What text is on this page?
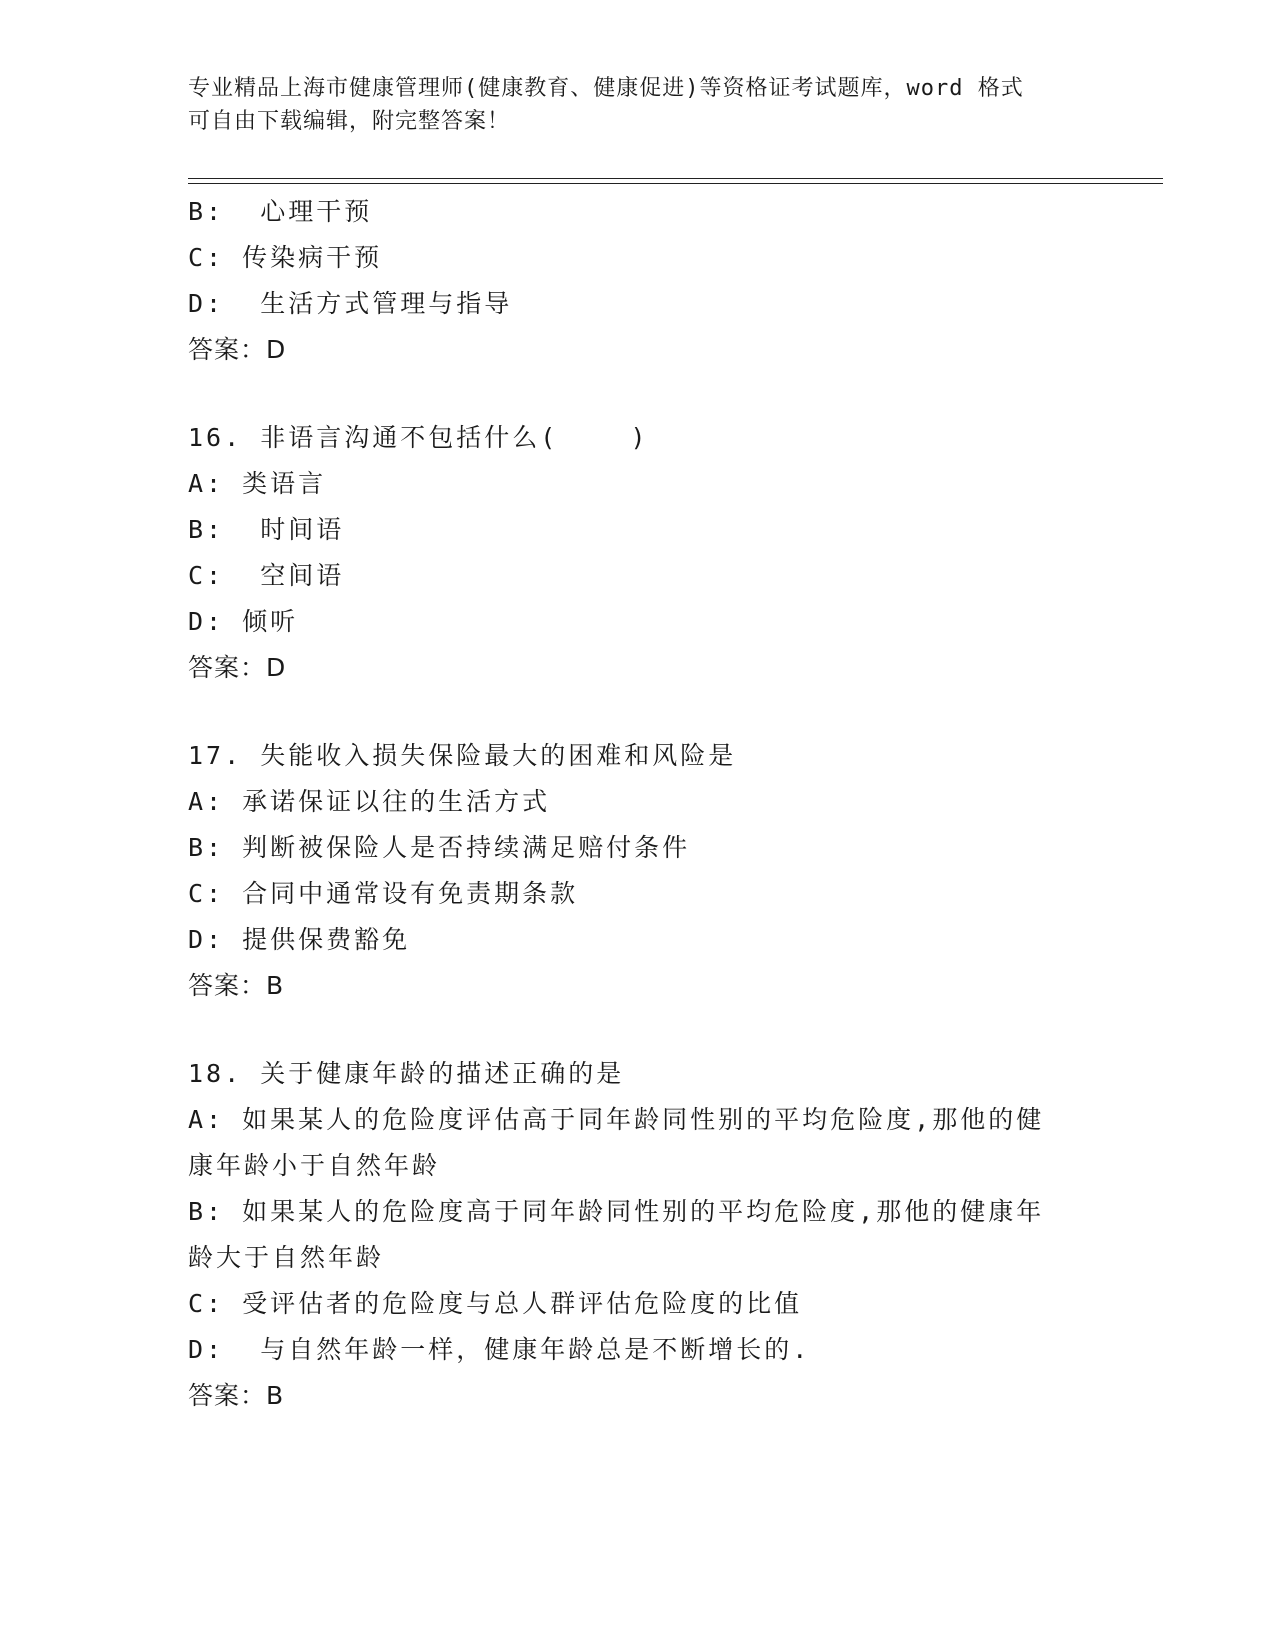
专业精品上海市健康管理师(健康教育、健康促进)等资格证考试题库，word 格式
可自由下载编辑，附完整答案！
B:  心理干预
C: 传染病干预
D:  生活方式管理与指导
答案：D
16. 非语言沟通不包括什么(    )
A: 类语言
B:  时间语
C:  空间语
D: 倾听
答案：D
17. 失能收入损失保险最大的困难和风险是
A: 承诺保证以往的生活方式
B: 判断被保险人是否持续满足赔付条件
C: 合同中通常设有免责期条款
D: 提供保费豁免
答案：B
18. 关于健康年龄的描述正确的是
A: 如果某人的危险度评估高于同年龄同性别的平均危险度,那他的健
康年龄小于自然年龄
B: 如果某人的危险度高于同年龄同性别的平均危险度,那他的健康年
龄大于自然年龄
C: 受评估者的危险度与总人群评估危险度的比值
D:  与自然年龄一样，健康年龄总是不断增长的.
答案：B
